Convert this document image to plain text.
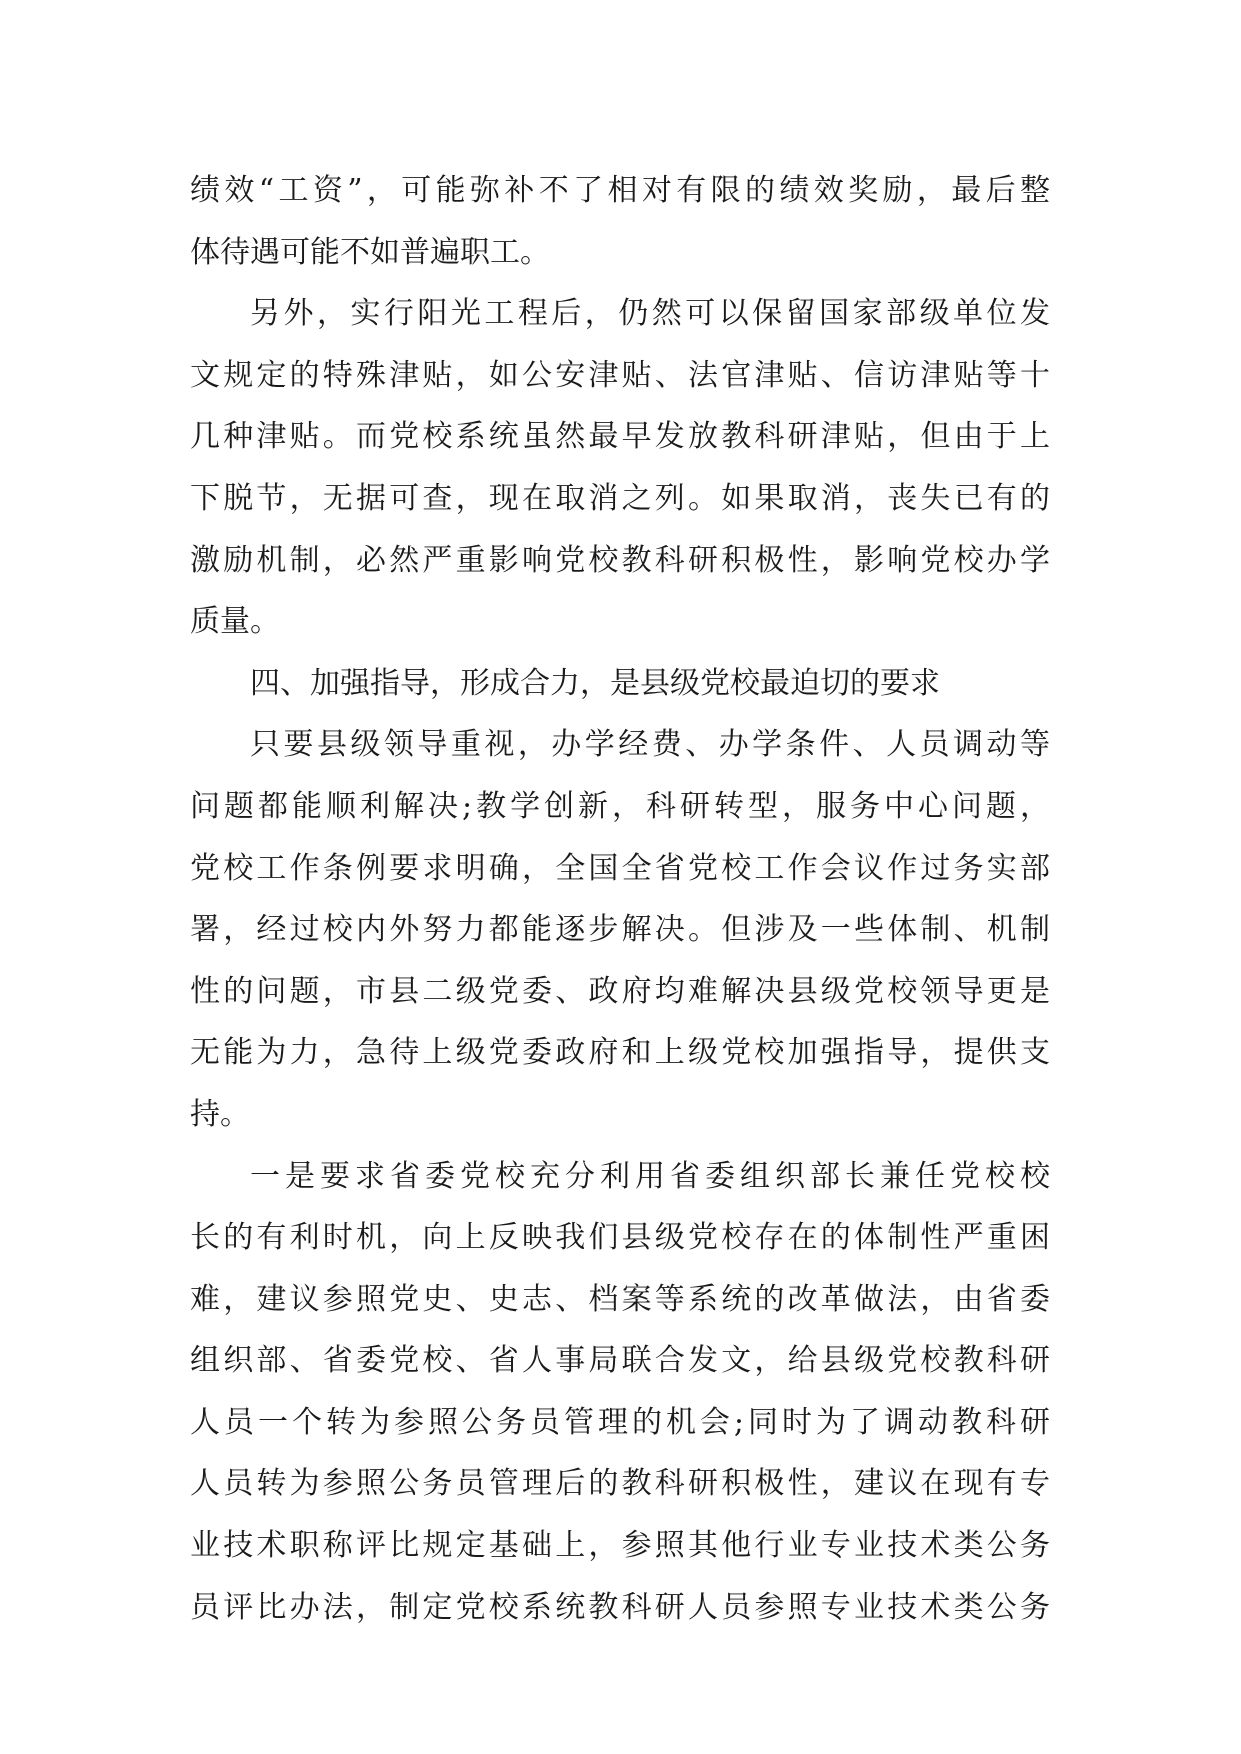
绩效“工资”，可能弥补不了相对有限的绩效奖励，最后整
体待遇可能不如普遍职工。
另外，实行阳光工程后，仍然可以保留国家部级单位发
文规定的特殊津贴，如公安津贴、法官津贴、信访津贴等十
几种津贴。而党校系统虽然最早发放教科研津贴，但由于上
下脱节，无据可查，现在取消之列。如果取消，丧失已有的
激励机制，必然严重影响党校教科研积极性，影响党校办学
质量。
四、加强指导，形成合力，是县级党校最迫切的要求
只要县级领导重视，办学经费、办学条件、人员调动等
问题都能顺利解决;教学创新，科研转型，服务中心问题，
党校工作条例要求明确，全国全省党校工作会议作过务实部
署，经过校内外努力都能逐步解决。但涉及一些体制、机制
性的问题，市县二级党委、政府均难解决县级党校领导更是
无能为力，急待上级党委政府和上级党校加强指导，提供支
持。
一是要求省委党校充分利用省委组织部长兼任党校校
长的有利时机，向上反映我们县级党校存在的体制性严重困
难，建议参照党史、史志、档案等系统的改革做法，由省委
组织部、省委党校、省人事局联合发文，给县级党校教科研
人员一个转为参照公务员管理的机会;同时为了调动教科研
人员转为参照公务员管理后的教科研积极性，建议在现有专
业技术职称评比规定基础上，参照其他行业专业技术类公务
员评比办法，制定党校系统教科研人员参照专业技术类公务
